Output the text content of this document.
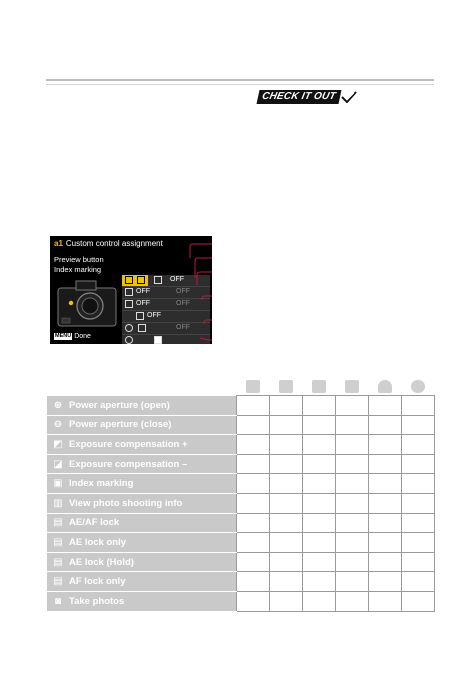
CHECK IT OUT
a1 Custom control assignment
Preview button
Index marking
OFF
OFF	OFF
OFF	OFF
OFF
OFF
MENU Done

⊕ Power aperture (open)						
⊖ Power aperture (close)						
◩ Exposure compensation +						
◪ Exposure compensation –						
▣ Index marking						
▥ View photo shooting info						
▤ AE/AF lock						
▤ AE lock only						
▤ AE lock (Hold)						
▤ AF lock only						
◙ Take photos						
